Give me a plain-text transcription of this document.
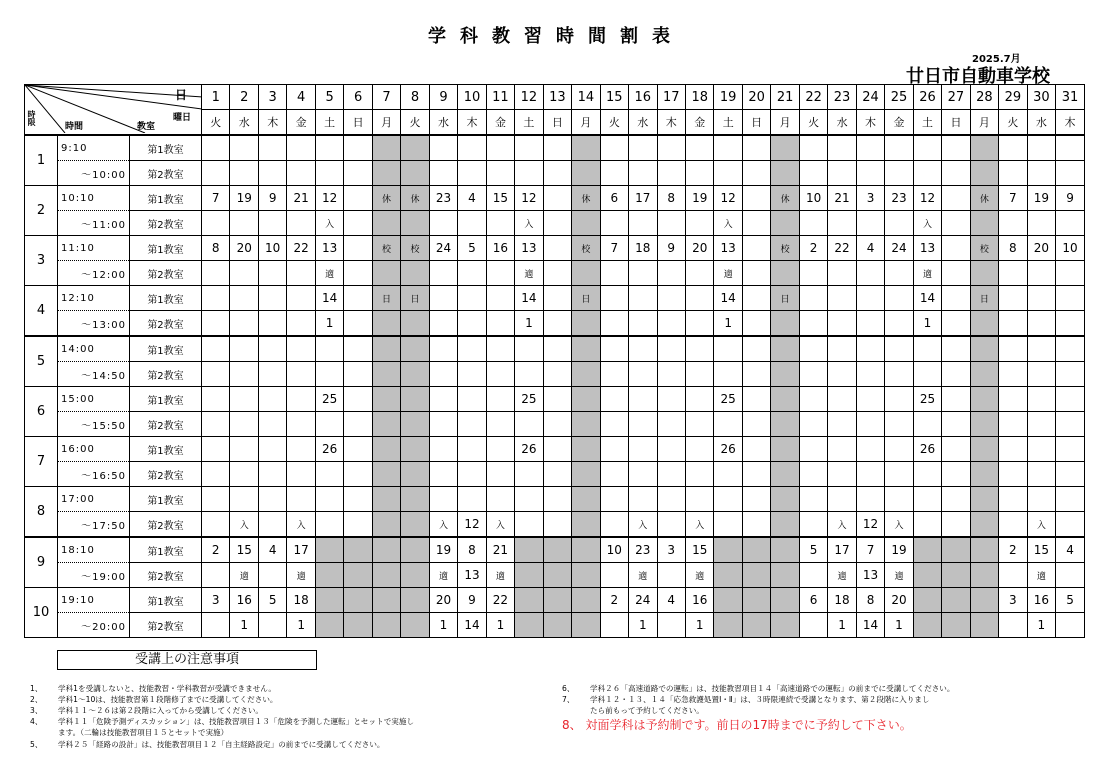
学科教習時間割表
2025.7月
廿日市自動車学校
日
曜日
時限
時間 教室			1	2	3	4	5	6	7	8	9	10	11	12	13	14	15	16	17	18	19	20	21	22	23	24	25	26	27	28	29	30	31
			火	水	木	金	土	日	月	火	水	木	金	土	日	月	火	水	木	金	土	日	月	火	水	木	金	土	日	月	火	水	木
1	9:10	第1教室																															
	～10:00	第2教室																															
2	10:10	第1教室	7	19	9	21	12		休	休	23	4	15	12		休	6	17	8	19	12		休	10	21	3	23	12		休	7	19	9
	～11:00	第2教室					入							入							入							入					
3	11:10	第1教室	8	20	10	22	13		校	校	24	5	16	13		校	7	18	9	20	13		校	2	22	4	24	13		校	8	20	10
	～12:00	第2教室					適							適							適							適					
4	12:10	第1教室					14		日	日				14		日					14		日					14		日			
	～13:00	第2教室					1							1							1							1					
5	14:00	第1教室																															
	～14:50	第2教室																															
6	15:00	第1教室					25							25							25							25					
	～15:50	第2教室																															
7	16:00	第1教室					26							26							26							26					
	～16:50	第2教室																															
8	17:00	第1教室																															
	～17:50	第2教室		入		入					入	12	入					入		入					入	12	入					入	
9	18:10	第1教室	2	15	4	17					19	8	21				10	23	3	15				5	17	7	19				2	15	4
	～19:00	第2教室		適		適					適	13	適					適		適					適	13	適					適	
10	19:10	第1教室	3	16	5	18					20	9	22				2	24	4	16				6	18	8	20				3	16	5
	～20:00	第2教室		1		1					1	14	1					1		1					1	14	1					1	
受講上の注意事項
1、 学科1を受講しないと、技能教習・学科教習が受講できません。
2、 学科1～10は、技能教習第１段階修了までに受講してください。
3、 学科１１～２６は第２段階に入ってから受講してください。
4、 学科１１「危険予測ディスカッション」は、技能教習項目１３「危険を予測した運転」とセットで実施し
ます。（二輪は技能教習項目１５とセットで実施）
5、 学科２５「経路の設計」は、技能教習項目１２「自主経路設定」の前までに受講してください。
6、 学科２６「高速道路での運転」は、技能教習項目１４「高速道路での運転」の前までに受講してください。
7、 学科１２・１３、１４「応急救護処置Ⅰ・Ⅱ」は、３時限連続で受講となります、第２段階に入りまし
たら前もって予約してください。
8、 対面学科は予約制です。前日の17時までに予約して下さい。
